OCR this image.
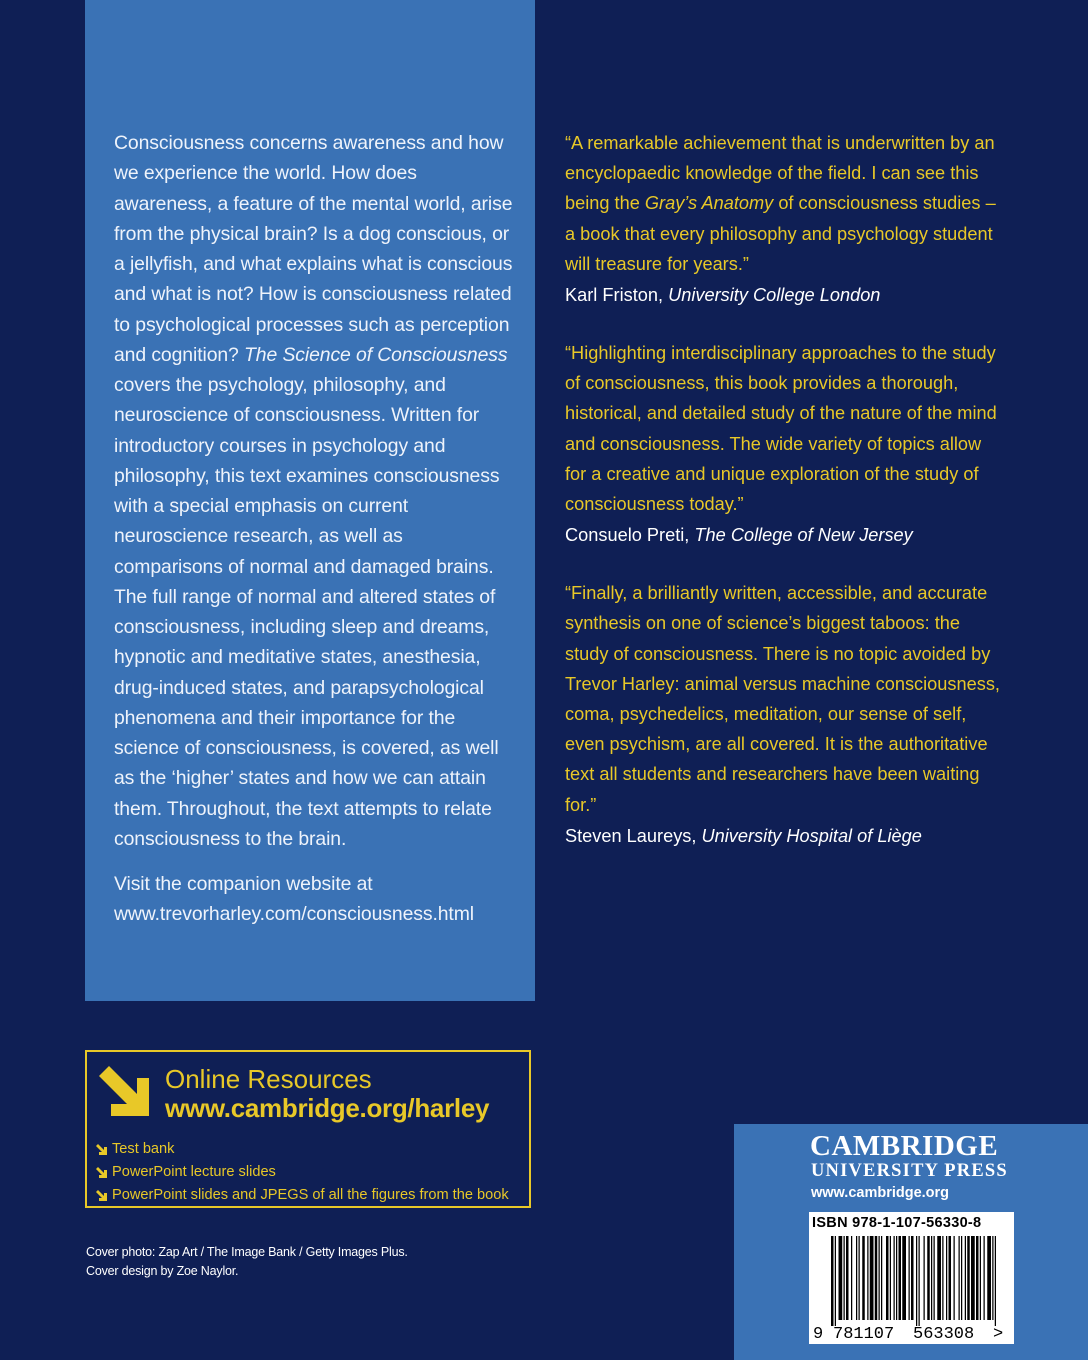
Consciousness concerns awareness and how we experience the world. How does awareness, a feature of the mental world, arise from the physical brain? Is a dog conscious, or a jellyfish, and what explains what is conscious and what is not? How is consciousness related to psychological processes such as perception and cognition? The Science of Consciousness covers the psychology, philosophy, and neuroscience of consciousness. Written for introductory courses in psychology and philosophy, this text examines consciousness with a special emphasis on current neuroscience research, as well as comparisons of normal and damaged brains. The full range of normal and altered states of consciousness, including sleep and dreams, hypnotic and meditative states, anesthesia, drug-induced states, and parapsychological phenomena and their importance for the science of consciousness, is covered, as well as the ‘higher’ states and how we can attain them. Throughout, the text attempts to relate consciousness to the brain.

Visit the companion website at
www.trevorharley.com/consciousness.html

“A remarkable achievement that is underwritten by an encyclopaedic knowledge of the field. I can see this being the Gray’s Anatomy of consciousness studies – a book that every philosophy and psychology student will treasure for years.”

Karl Friston, University College London

“Highlighting interdisciplinary approaches to the study of consciousness, this book provides a thorough, historical, and detailed study of the nature of the mind and consciousness. The wide variety of topics allow for a creative and unique exploration of the study of consciousness today.”

Consuelo Preti, The College of New Jersey

“Finally, a brilliantly written, accessible, and accurate synthesis on one of science’s biggest taboos: the study of consciousness. There is no topic avoided by Trevor Harley: animal versus machine consciousness, coma, psychedelics, meditation, our sense of self, even psychism, are all covered. It is the authoritative text all students and researchers have been waiting for.”

Steven Laureys, University Hospital of Liège

Online Resources
www.cambridge.org/harley
Test bank
PowerPoint lecture slides
PowerPoint slides and JPEGS of all the figures from the book

Cover photo: Zap Art / The Image Bank / Getty Images Plus.

Cover design by Zoe Naylor.

CAMBRIDGE
UNIVERSITY PRESS
www.cambridge.org
ISBN 978-1-107-56330-8
9 781107 563308 >
